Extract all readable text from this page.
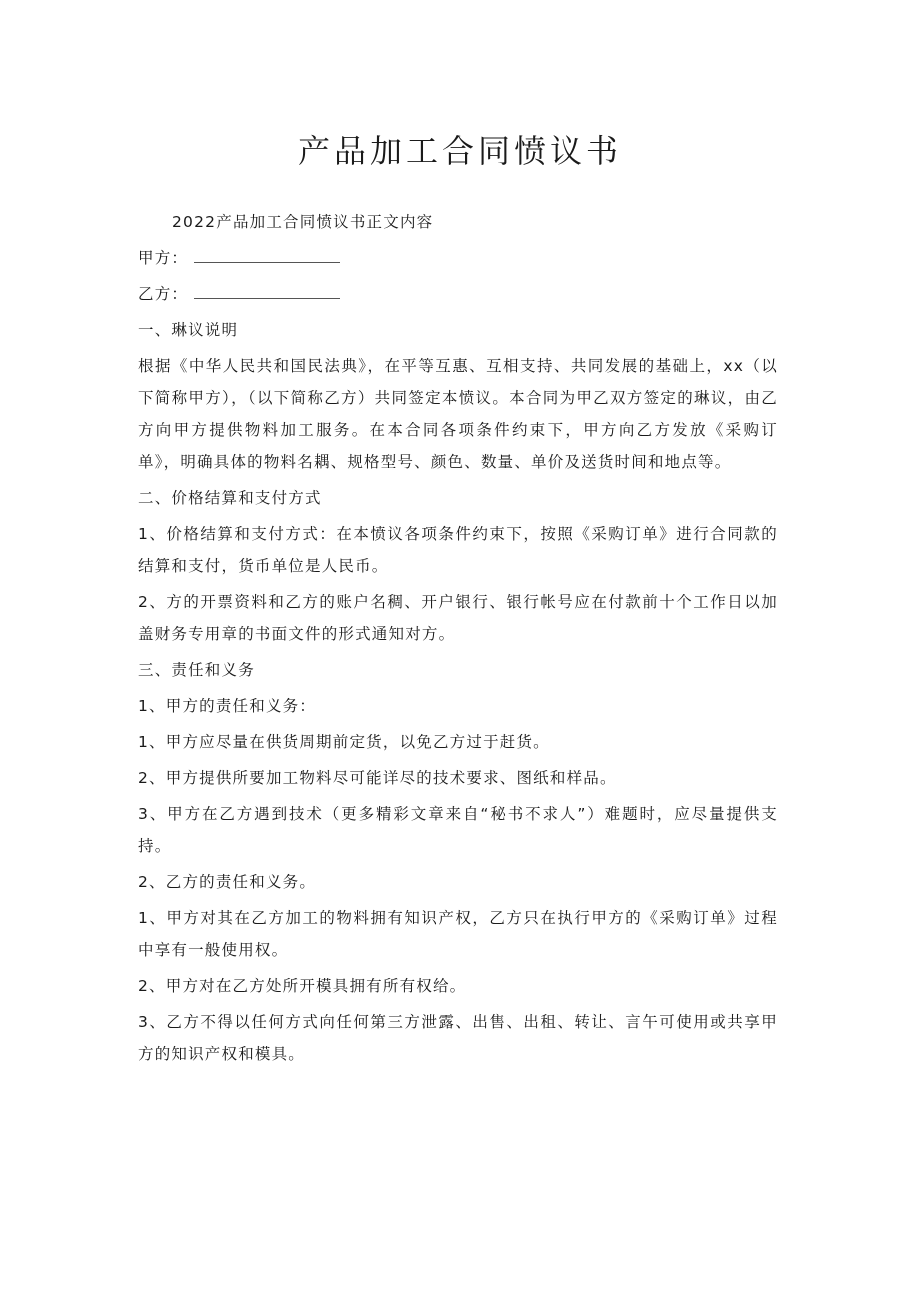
产品加工合同愤议书

2022产品加工合同愤议书正文内容

甲方：

乙方：

一、琳议说明

根据《中华人民共和国民法典》，在平等互惠、互相支持、共同发展的基础上，xx（以下简称甲方），（以下简称乙方）共同签定本愤议。本合同为甲乙双方签定的琳议，由乙方向甲方提供物料加工服务。在本合同各项条件约束下，甲方向乙方发放《采购订单》，明确具体的物料名耦、规格型号、颜色、数量、单价及送货时间和地点等。

二、价格结算和支付方式

1、价格结算和支付方式：在本愤议各项条件约束下，按照《采购订单》进行合同款的结算和支付，货币单位是人民币。

2、方的开票资料和乙方的账户名稠、开户银行、银行帐号应在付款前十个工作日以加盖财务专用章的书面文件的形式通知对方。

三、责任和义务

1、甲方的责任和义务：

1、甲方应尽量在供货周期前定货，以免乙方过于赶货。

2、甲方提供所要加工物料尽可能详尽的技术要求、图纸和样品。

3、甲方在乙方遇到技术（更多精彩文章来自“秘书不求人”）难题时，应尽量提供支持。

2、乙方的责任和义务。

1、甲方对其在乙方加工的物料拥有知识产权，乙方只在执行甲方的《采购订单》过程中享有一般使用权。

2、甲方对在乙方处所开模具拥有所有权给。

3、乙方不得以任何方式向任何第三方泄露、出售、出租、转让、言午可使用或共享甲方的知识产权和模具。
